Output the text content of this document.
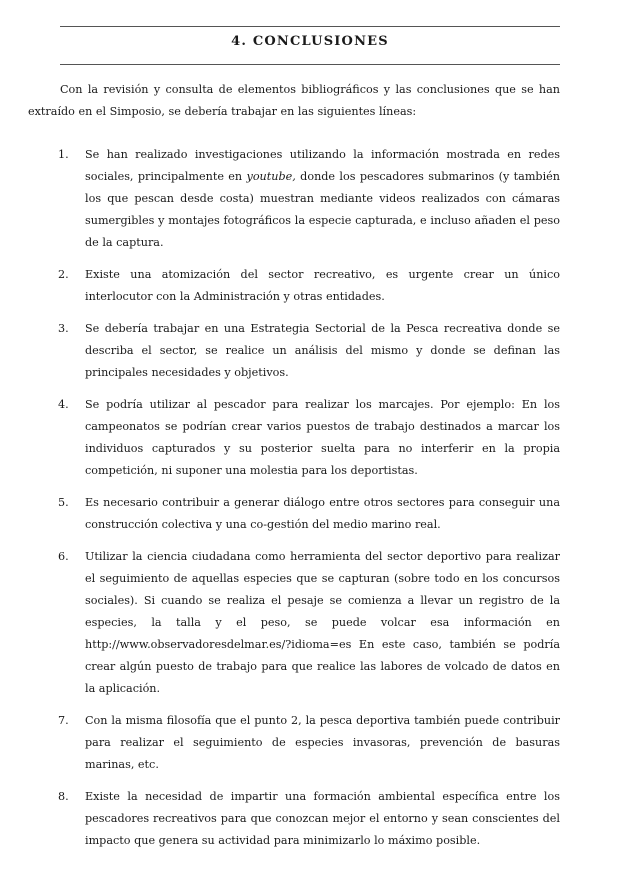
4. CONCLUSIONES

Con la revisión y consulta de elementos bibliográficos y las conclusiones que se han extraído en el Simposio, se debería trabajar en las siguientes líneas:

1. Se han realizado investigaciones utilizando la información mostrada en redes sociales, principalmente en youtube, donde los pescadores submarinos (y también los que pescan desde costa) muestran mediante videos realizados con cámaras sumergibles y montajes fotográficos la especie capturada, e incluso añaden el peso de la captura.
2. Existe una atomización del sector recreativo, es urgente crear un único interlocutor con la Administración y otras entidades.
3. Se debería trabajar en una Estrategia Sectorial de la Pesca recreativa donde se describa el sector, se realice un análisis del mismo y donde se definan las principales necesidades y objetivos.
4. Se podría utilizar al pescador para realizar los marcajes. Por ejemplo: En los campeonatos se podrían crear varios puestos de trabajo destinados a marcar los individuos capturados y su posterior suelta para no interferir en la propia competición, ni suponer una molestia para los deportistas.
5. Es necesario contribuir a generar diálogo entre otros sectores para conseguir una construcción colectiva y una co-gestión del medio marino real.
6. Utilizar la ciencia ciudadana como herramienta del sector deportivo para realizar el seguimiento de aquellas especies que se capturan (sobre todo en los concursos sociales). Si cuando se realiza el pesaje se comienza a llevar un registro de la especies, la talla y el peso, se puede volcar esa información en http://www.observadoresdelmar.es/?idioma=es En este caso, también se podría crear algún puesto de trabajo para que realice las labores de volcado de datos en la aplicación.
7. Con la misma filosofía que el punto 2, la pesca deportiva también puede contribuir para realizar el seguimiento de especies invasoras, prevención de basuras marinas, etc.
8. Existe la necesidad de impartir una formación ambiental específica entre los pescadores recreativos para que conozcan mejor el entorno y sean conscientes del impacto que genera su actividad para minimizarlo lo máximo posible.
